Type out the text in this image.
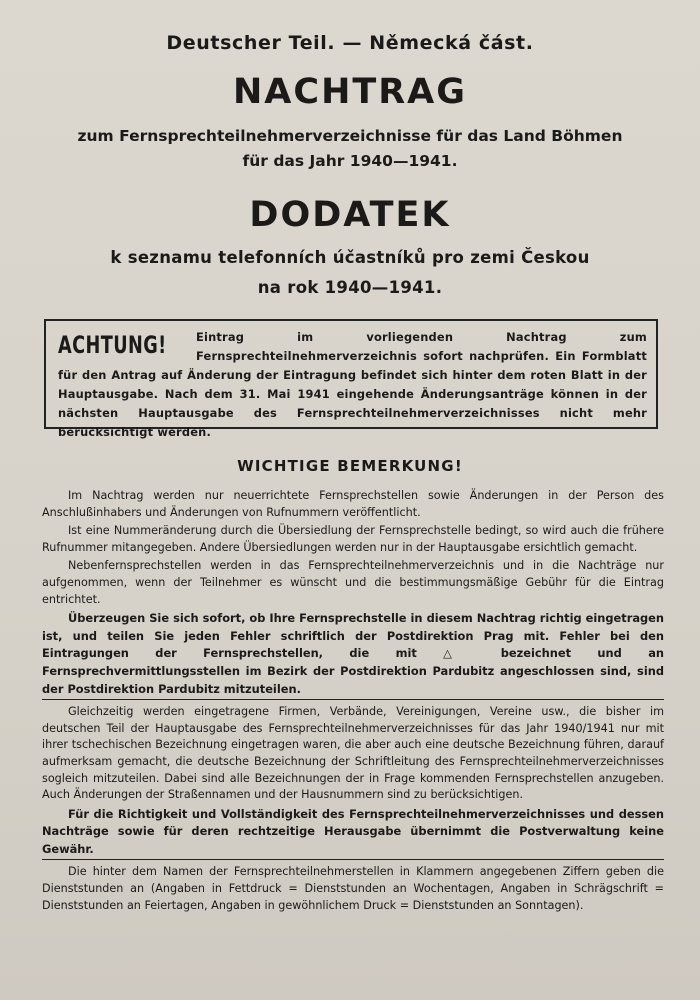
Deutscher Teil. — Německá část.
NACHTRAG
zum Fernsprechteilnehmerverzeichnisse für das Land Böhmen
für das Jahr 1940—1941.
DODATEK
k seznamu telefonních účastníků pro zemi Českou
na rok 1940—1941.
ACHTUNG!	Eintrag im vorliegenden Nachtrag zum Fernsprechteilnehmerverzeichnis sofort nachprüfen. Ein Formblatt für den Antrag auf Änderung der Eintragung befindet sich hinter dem roten Blatt in der Hauptausgabe. Nach dem 31. Mai 1941 eingehende Änderungsanträge können in der nächsten Hauptausgabe des Fernsprechteilnehmerverzeichnisses nicht mehr berücksichtigt werden.
WICHTIGE BEMERKUNG!

Im Nachtrag werden nur neuerrichtete Fernsprechstellen sowie Änderungen in der Person des Anschlußinhabers und Änderungen von Rufnummern veröffentlicht.

Ist eine Nummeränderung durch die Übersiedlung der Fernsprechstelle bedingt, so wird auch die frühere Rufnummer mitangegeben. Andere Übersiedlungen werden nur in der Hauptausgabe ersichtlich gemacht.

Nebenfernsprechstellen werden in das Fernsprechteilnehmerverzeichnis und in die Nachträge nur aufgenommen, wenn der Teilnehmer es wünscht und die bestimmungsmäßige Gebühr für die Eintrag entrichtet.

Überzeugen Sie sich sofort, ob Ihre Fernsprechstelle in diesem Nachtrag richtig eingetragen ist, und teilen Sie jeden Fehler schriftlich der Postdirektion Prag mit. Fehler bei den Eintragungen der Fernsprechstellen, die mit △ bezeichnet und an Fernsprechvermittlungsstellen im Bezirk der Postdirektion Pardubitz angeschlossen sind, sind der Postdirektion Pardubitz mitzuteilen.

Gleichzeitig werden eingetragene Firmen, Verbände, Vereinigungen, Vereine usw., die bisher im deutschen Teil der Hauptausgabe des Fernsprechteilnehmerverzeichnisses für das Jahr 1940/1941 nur mit ihrer tschechischen Bezeichnung eingetragen waren, die aber auch eine deutsche Bezeichnung führen, darauf aufmerksam gemacht, die deutsche Bezeichnung der Schriftleitung des Fernsprechteilnehmerverzeichnisses sogleich mitzuteilen. Dabei sind alle Bezeichnungen der in Frage kommenden Fernsprechstellen anzugeben. Auch Änderungen der Straßennamen und der Hausnummern sind zu berücksichtigen.

Für die Richtigkeit und Vollständigkeit des Fernsprechteilnehmerverzeichnisses und dessen Nachträge sowie für deren rechtzeitige Herausgabe übernimmt die Postverwaltung keine Gewähr.

Die hinter dem Namen der Fernsprechteilnehmerstellen in Klammern angegebenen Ziffern geben die Dienststunden an (Angaben in Fettdruck = Dienststunden an Wochentagen, Angaben in Schrägschrift = Dienststunden an Feiertagen, Angaben in gewöhnlichem Druck = Dienststunden an Sonntagen).
